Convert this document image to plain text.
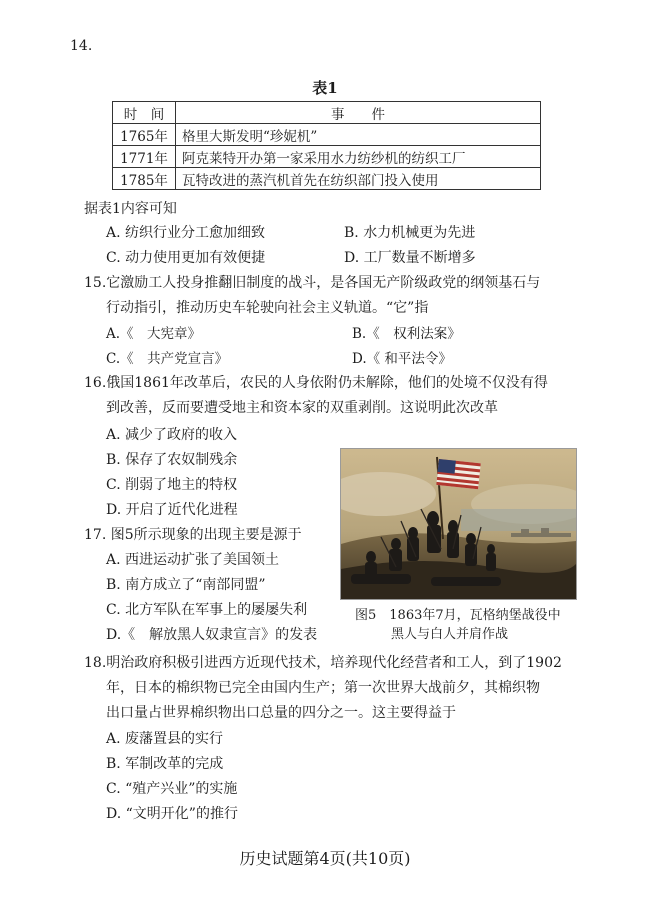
14.
表1
时　间	事　　件
1765年	格里大斯发明“珍妮机”
1771年	阿克莱特开办第一家采用水力纺纱机的纺织工厂
1785年	瓦特改进的蒸汽机首先在纺织部门投入使用
据表1内容可知
A. 纺织行业分工愈加细致	B. 水力机械更为先进
C. 动力使用更加有效便捷	D. 工厂数量不断增多
15.它激励工人投身推翻旧制度的战斗，是各国无产阶级政党的纲领基石与
行动指引，推动历史车轮驶向社会主义轨道。“它”指
A.《　大宪章》	B.《　权利法案》
C.《　共产党宣言》	D.《 和平法令》
16.俄国1861年改革后，农民的人身依附仍未解除，他们的处境不仅没有得
到改善，反而要遭受地主和资本家的双重剥削。这说明此次改革
A. 减少了政府的收入
B. 保存了农奴制残余
C. 削弱了地主的特权
D. 开启了近代化进程
图5　1863年7月，瓦格纳堡战役中
黑人与白人并肩作战
17. 图5所示现象的出现主要是源于
A. 西进运动扩张了美国领土
B. 南方成立了“南部同盟”
C. 北方军队在军事上的屡屡失利
D.《　解放黑人奴隶宣言》的发表
18.明治政府积极引进西方近现代技术，培养现代化经营者和工人，到了1902
年，日本的棉织物已完全由国内生产；第一次世界大战前夕，其棉织物
出口量占世界棉织物出口总量的四分之一。这主要得益于
A. 废藩置县的实行
B. 军制改革的完成
C. “殖产兴业”的实施
D. “文明开化”的推行
历史试题第4页(共10页)
